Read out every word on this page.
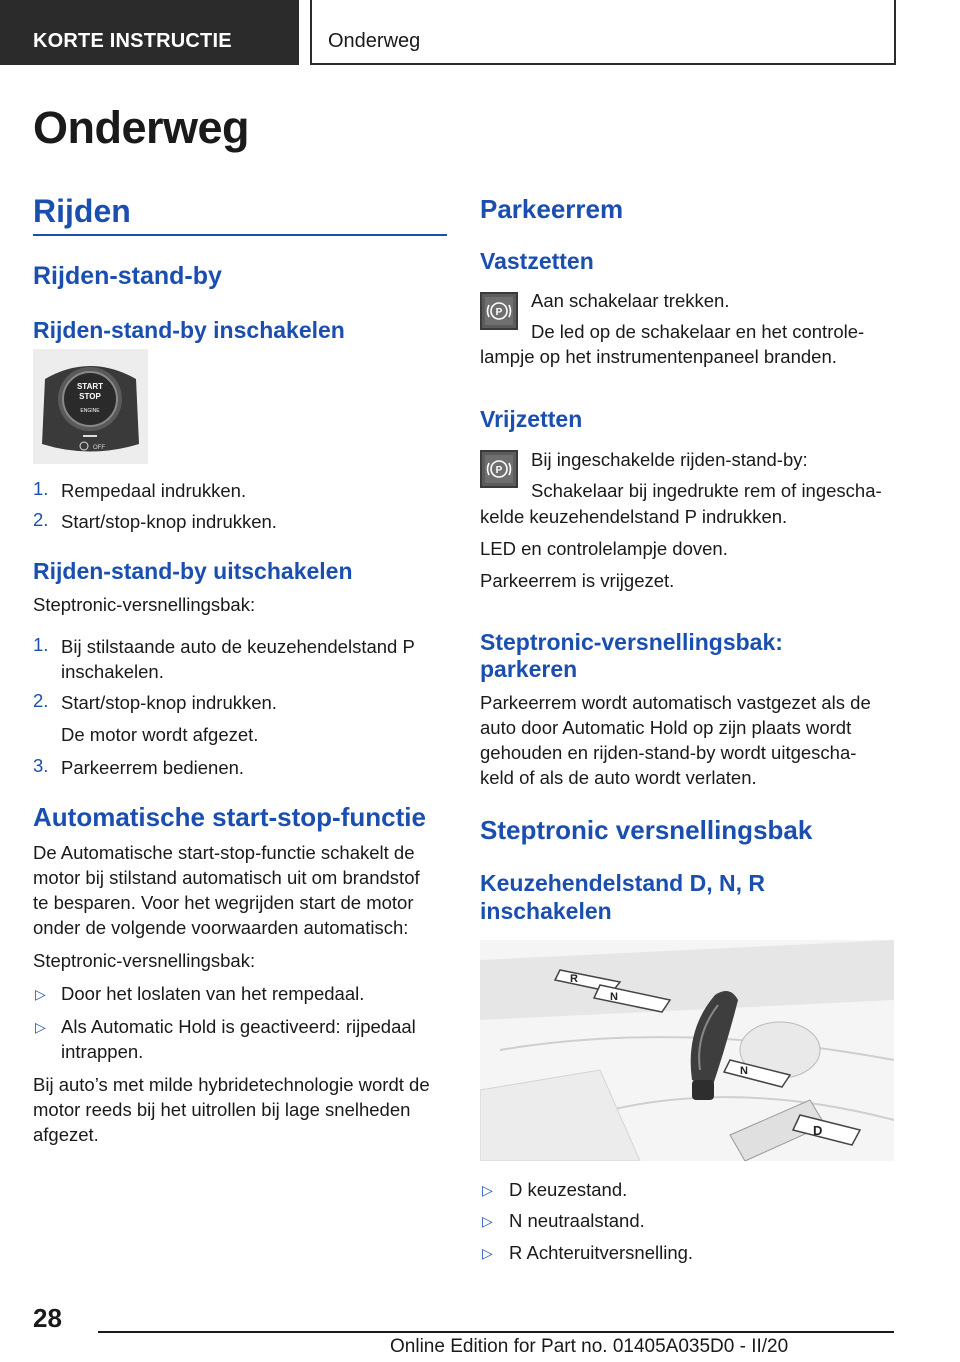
KORTE INSTRUCTIE	Onderweg
Onderweg
Rijden
Rijden-stand-by
Rijden-stand-by inschakelen
START
STOP
ENGINE
OFF
1. Rempedaal indrukken.
2. Start/stop-knop indrukken.
Rijden-stand-by uitschakelen
Steptronic-versnellingsbak:
1. Bij stilstaande auto de keuzehendelstand P
inschakelen.
2. Start/stop-knop indrukken.
De motor wordt afgezet.
3. Parkeerrem bedienen.
Automatische start-stop-functie
De Automatische start-stop-functie schakelt de
motor bij stilstand automatisch uit om brandstof
te besparen. Voor het wegrijden start de motor
onder de volgende voorwaarden automatisch:
Steptronic-versnellingsbak:
▷ Door het loslaten van het rempedaal.
▷ Als Automatic Hold is geactiveerd: rijpedaal
intrappen.
Bij auto’s met milde hybridetechnologie wordt de
motor reeds bij het uitrollen bij lage snelheden
afgezet.
Parkeerrem
Vastzetten
P
Aan schakelaar trekken.
De led op de schakelaar en het controle-
lampje op het instrumentenpaneel branden.
Vrijzetten
P
Bij ingeschakelde rijden-stand-by:
Schakelaar bij ingedrukte rem of ingescha-
kelde keuzehendelstand P indrukken.
LED en controlelampje doven.
Parkeerrem is vrijgezet.
Steptronic-versnellingsbak:
parkeren
Parkeerrem wordt automatisch vastgezet als de
auto door Automatic Hold op zijn plaats wordt
gehouden en rijden-stand-by wordt uitgescha-
keld of als de auto wordt verlaten.
Steptronic versnellingsbak
Keuzehendelstand D, N, R
inschakelen
R
N
N
D
▷ D keuzestand.
▷ N neutraalstand.
▷ R Achteruitversnelling.
28
Online Edition for Part no. 01405A035D0 - II/20
